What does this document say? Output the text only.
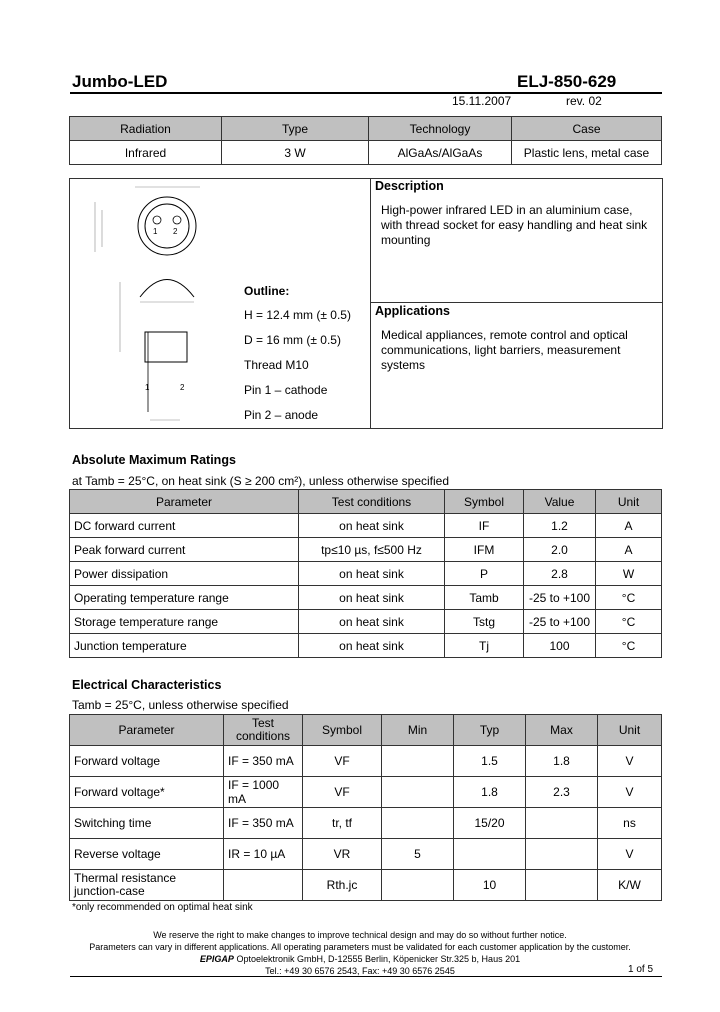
Jumbo-LED	ELJ-850-629
15.11.2007	rev. 02
Radiation	Type	Technology	Case
Infrared	3 W	AlGaAs/AlGaAs	Plastic lens, metal case
1 2
1	2
Outline:
H = 12.4 mm (± 0.5)
D = 16 mm (± 0.5)
Thread M10
Pin 1 – cathode
Pin 2 – anode
Description
High-power infrared LED in an aluminium case, with thread socket for easy handling and heat sink mounting
Applications
Medical appliances, remote control and optical communications, light barriers, measurement systems
Absolute Maximum Ratings
at Tamb = 25°C, on heat sink (S ≥ 200 cm²), unless otherwise specified
Parameter	Test conditions	Symbol	Value	Unit
DC forward current	on heat sink	IF	1.2	A
Peak forward current	tp≤10 µs, f≤500 Hz	IFM	2.0	A
Power dissipation	on heat sink	P	2.8	W
Operating temperature range	on heat sink	Tamb	-25 to +100	°C
Storage temperature range	on heat sink	Tstg	-25 to +100	°C
Junction temperature	on heat sink	Tj	100	°C
Electrical Characteristics
Tamb = 25°C, unless otherwise specified
Parameter	Test conditions	Symbol	Min	Typ	Max	Unit
Forward voltage	IF = 350 mA	VF		1.5	1.8	V
Forward voltage*	IF = 1000 mA	VF		1.8	2.3	V
Switching time	IF = 350 mA	tr, tf		15/20		ns
Reverse voltage	IR = 10 µA	VR	5			V
Thermal resistance junction-case		Rth.jc		10		K/W
*only recommended on optimal heat sink
We reserve the right to make changes to improve technical design and may do so without further notice.
Parameters can vary in different applications. All operating parameters must be validated for each customer application by the customer.
EPIGAP Optoelektronik GmbH, D-12555 Berlin, Köpenicker Str.325 b, Haus 201
Tel.: +49 30 6576 2543, Fax: +49 30 6576 2545	1 of 5
